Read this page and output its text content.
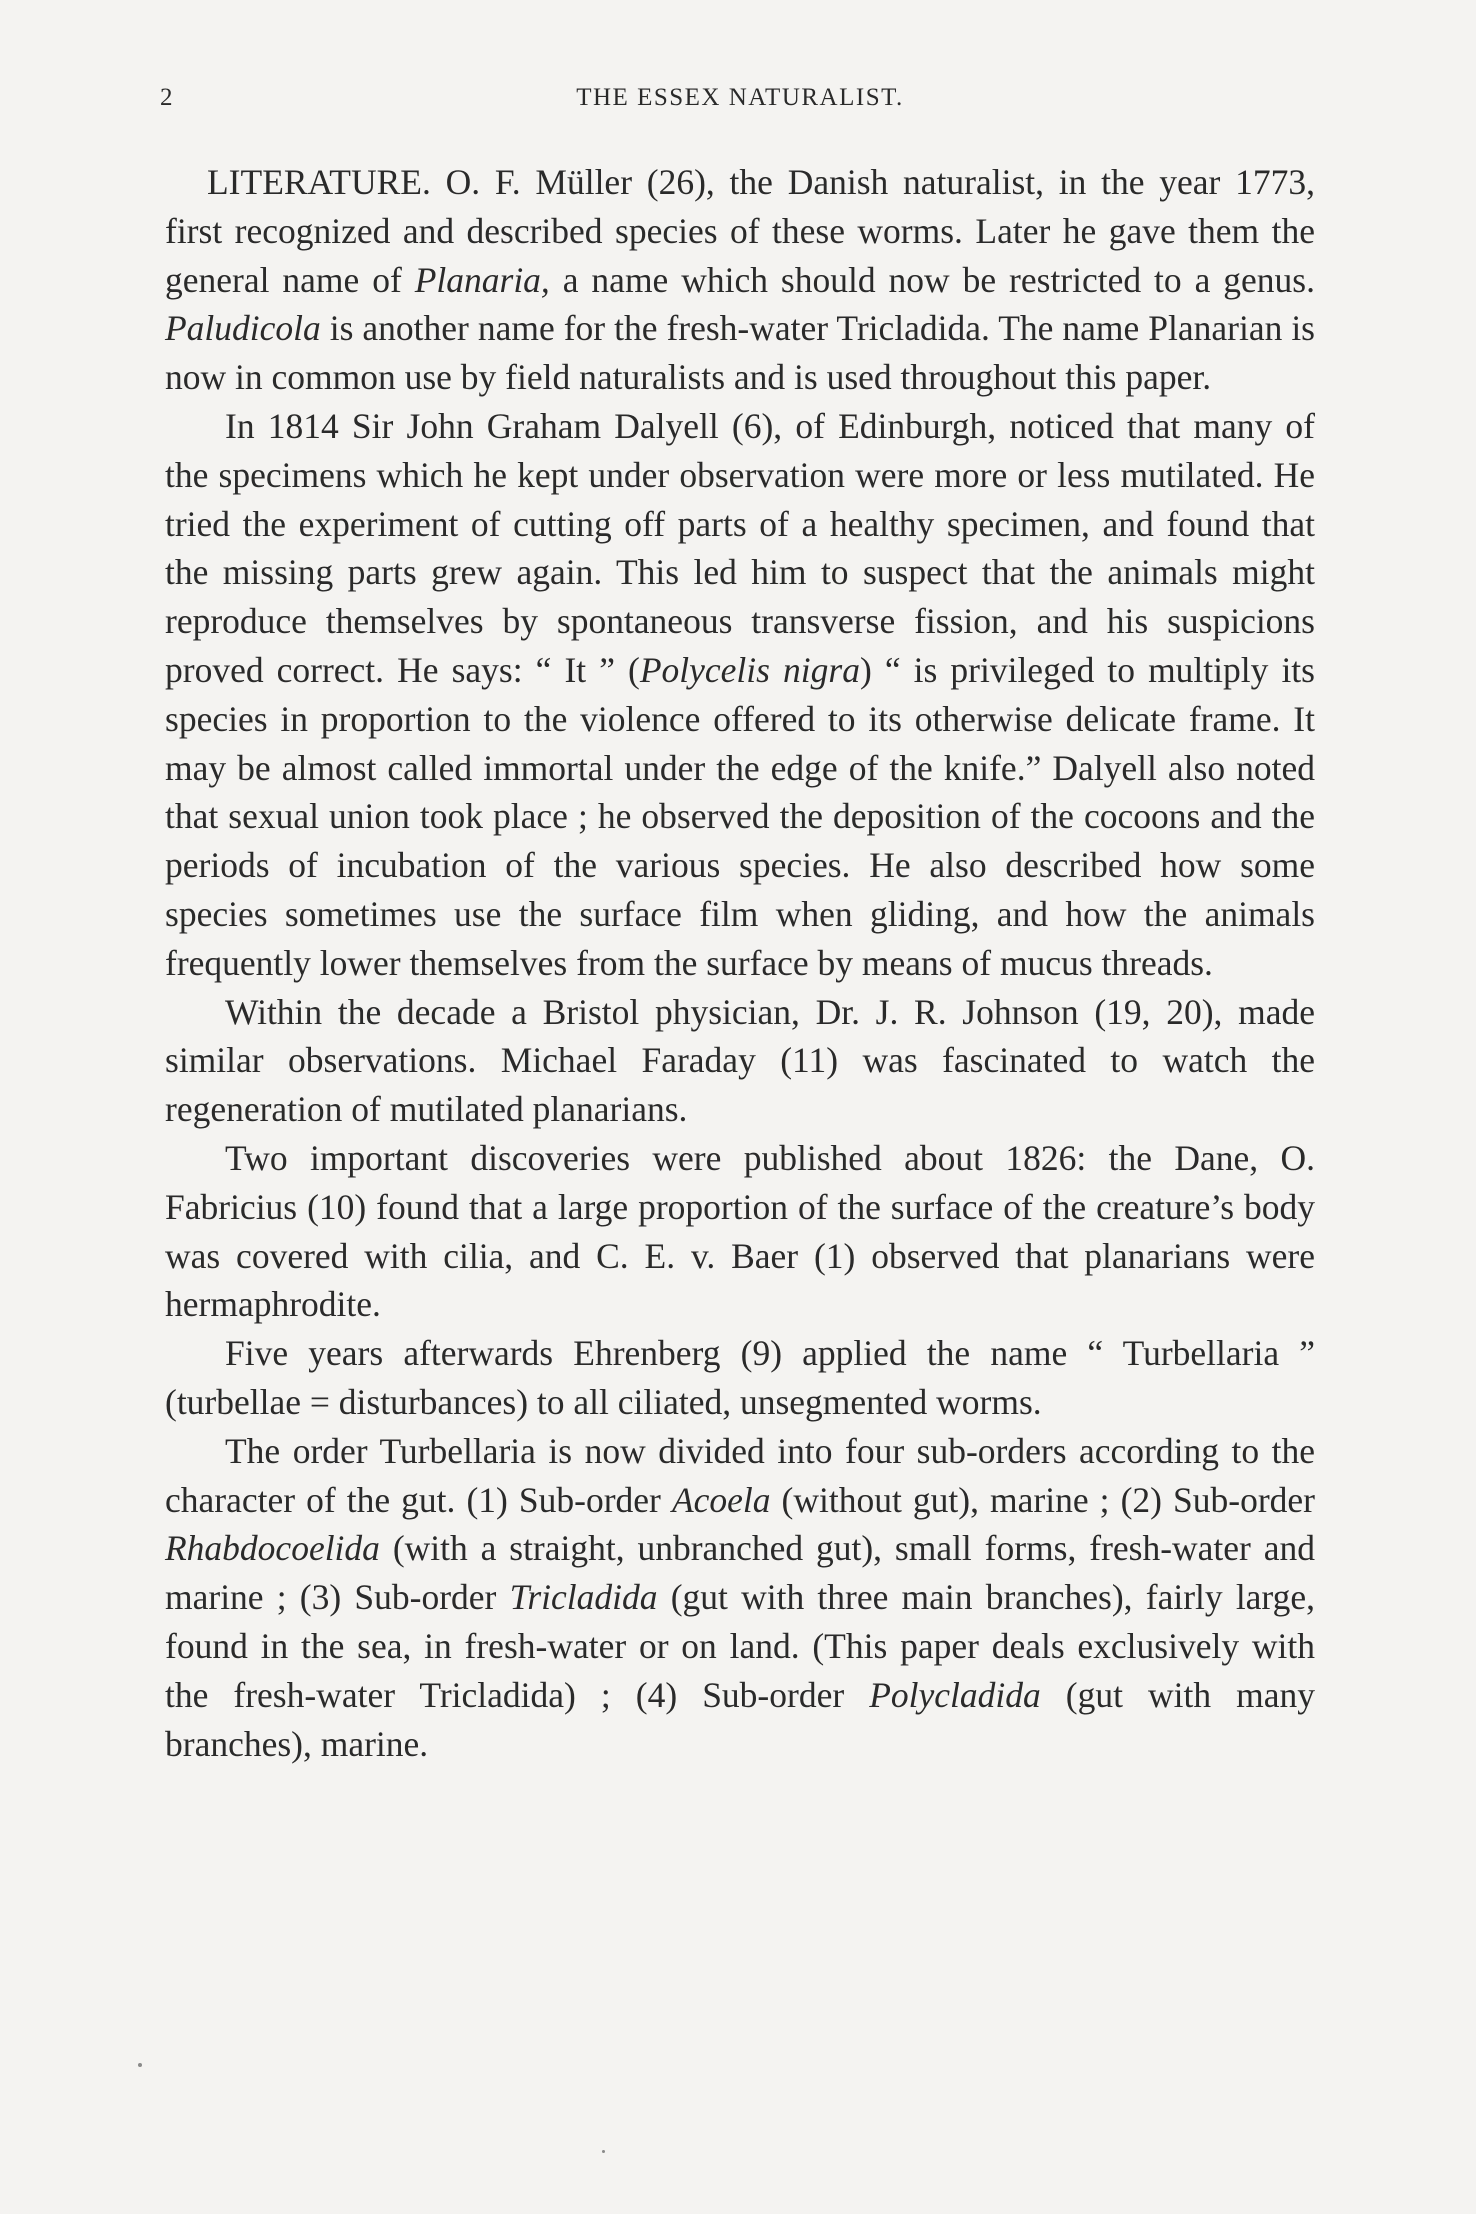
2	THE ESSEX NATURALIST.

LITERATURE. O. F. Müller (26), the Danish naturalist, in the year 1773, first recognized and described species of these worms. Later he gave them the general name of Planaria, a name which should now be restricted to a genus. Paludicola is another name for the fresh-water Tricladida. The name Planarian is now in common use by field naturalists and is used throughout this paper.

In 1814 Sir John Graham Dalyell (6), of Edinburgh, noticed that many of the specimens which he kept under observation were more or less mutilated. He tried the experiment of cutting off parts of a healthy specimen, and found that the missing parts grew again. This led him to suspect that the animals might reproduce themselves by spontaneous transverse fission, and his suspicions proved correct. He says: “ It ” (Polycelis nigra) “ is privileged to multiply its species in proportion to the violence offered to its otherwise delicate frame. It may be almost called immortal under the edge of the knife.” Dalyell also noted that sexual union took place ; he observed the deposition of the cocoons and the periods of incubation of the various species. He also described how some species sometimes use the surface film when gliding, and how the animals frequently lower themselves from the surface by means of mucus threads.

Within the decade a Bristol physician, Dr. J. R. Johnson (19, 20), made similar observations. Michael Faraday (11) was fascinated to watch the regeneration of mutilated planarians.

Two important discoveries were published about 1826: the Dane, O. Fabricius (10) found that a large proportion of the surface of the creature’s body was covered with cilia, and C. E. v. Baer (1) observed that planarians were hermaphrodite.

Five years afterwards Ehrenberg (9) applied the name “ Turbellaria ” (turbellae = disturbances) to all ciliated, unsegmented worms.

The order Turbellaria is now divided into four sub-orders according to the character of the gut. (1) Sub-order Acoela (without gut), marine ; (2) Sub-order Rhabdocoelida (with a straight, unbranched gut), small forms, fresh-water and marine ; (3) Sub-order Tricladida (gut with three main branches), fairly large, found in the sea, in fresh-water or on land. (This paper deals exclusively with the fresh-water Tricladida) ; (4) Sub-order Polycladida (gut with many branches), marine.
